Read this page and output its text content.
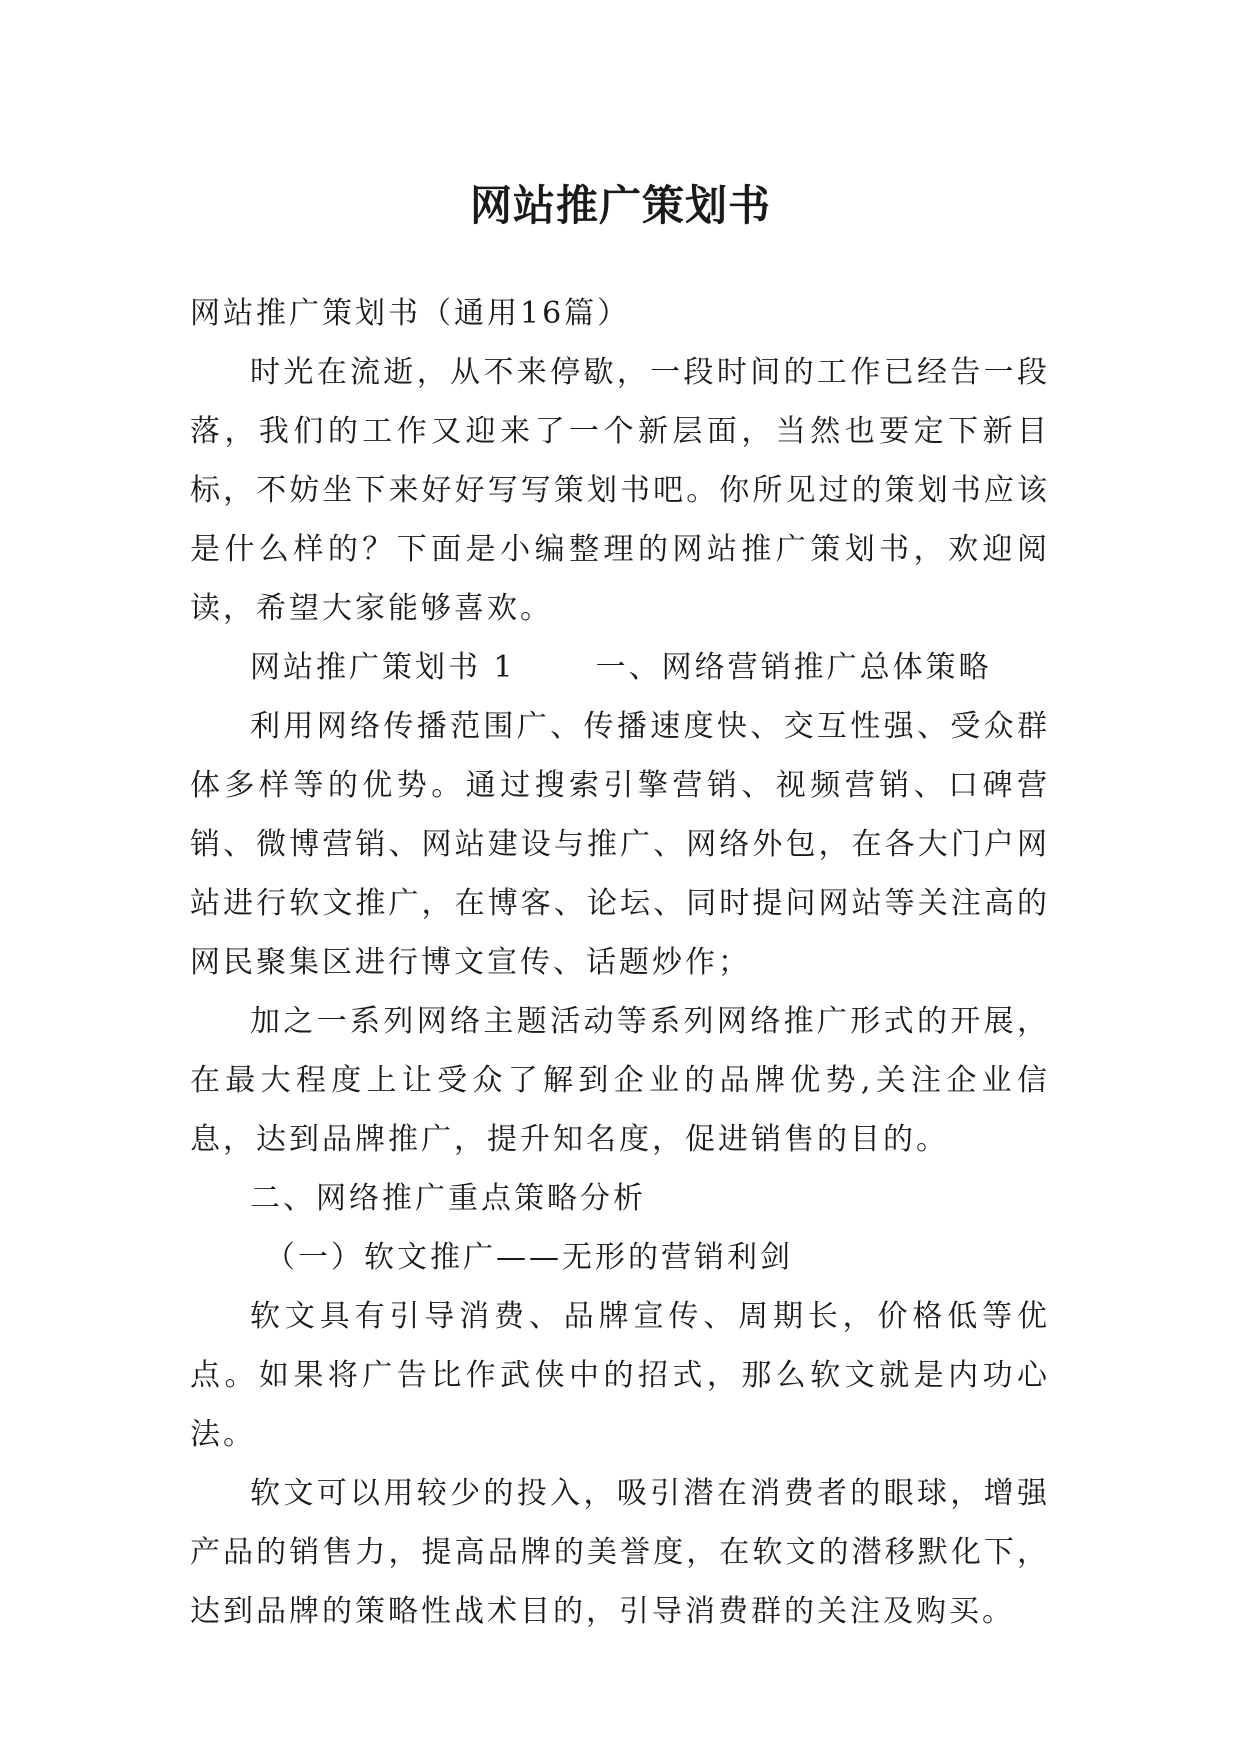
网站推广策划书

网站推广策划书（通用16篇）

时光在流逝，从不来停歇，一段时间的工作已经告一段落，我们的工作又迎来了一个新层面，当然也要定下新目标，不妨坐下来好好写写策划书吧。你所见过的策划书应该是什么样的？下面是小编整理的网站推广策划书，欢迎阅读，希望大家能够喜欢。

网站推广策划书 1	一、网络营销推广总体策略

利用网络传播范围广、传播速度快、交互性强、受众群体多样等的优势。通过搜索引擎营销、视频营销、口碑营销、微博营销、网站建设与推广、网络外包，在各大门户网站进行软文推广，在博客、论坛、同时提问网站等关注高的网民聚集区进行博文宣传、话题炒作；

加之一系列网络主题活动等系列网络推广形式的开展，在最大程度上让受众了解到企业的品牌优势,关注企业信息，达到品牌推广，提升知名度，促进销售的目的。

二、网络推广重点策略分析

（一）软文推广——无形的营销利剑

软文具有引导消费、品牌宣传、周期长，价格低等优点。如果将广告比作武侠中的招式，那么软文就是内功心法。

软文可以用较少的投入，吸引潜在消费者的眼球，增强产品的销售力，提高品牌的美誉度，在软文的潜移默化下，达到品牌的策略性战术目的，引导消费群的关注及购买。
